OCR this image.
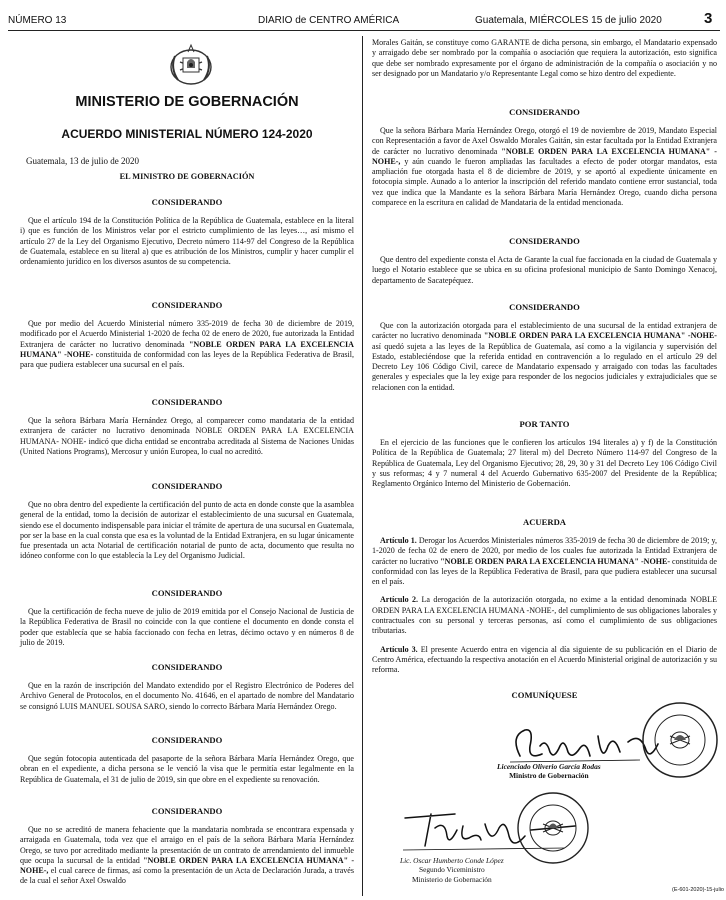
NÚMERO 13	DIARIO de CENTRO AMÉRICA	Guatemala, MIÉRCOLES 15 de julio 2020	3
MINISTERIO DE GOBERNACIÓN
ACUERDO MINISTERIAL NÚMERO 124-2020
Guatemala, 13 de julio de 2020
EL MINISTRO DE GOBERNACIÓN
CONSIDERANDO

Que el artículo 194 de la Constitución Política de la República de Guatemala, establece en la literal i) que es función de los Ministros velar por el estricto cumplimiento de las leyes…, así mismo el artículo 27 de la Ley del Organismo Ejecutivo, Decreto número 114-97 del Congreso de la República de Guatemala, establece en su literal a) que es atribución de los Ministros, cumplir y hacer cumplir el ordenamiento jurídico en los diversos asuntos de su competencia.

CONSIDERANDO

Que por medio del Acuerdo Ministerial número 335-2019 de fecha 30 de diciembre de 2019, modificado por el Acuerdo Ministerial 1-2020 de fecha 02 de enero de 2020, fue autorizada la Entidad Extranjera de carácter no lucrativo denominada "NOBLE ORDEN PARA LA EXCELENCIA HUMANA" -NOHE- constituida de conformidad con las leyes de la República Federativa de Brasil, para que pudiera establecer una sucursal en el país.

CONSIDERANDO

Que la señora Bárbara María Hernández Orego, al comparecer como mandataria de la entidad extranjera de carácter no lucrativo denominada NOBLE ORDEN PARA LA EXCELENCIA HUMANA- NOHE- indicó que dicha entidad se encontraba acreditada al Sistema de Naciones Unidas (United Nations Programs), Mercosur y unión Europea, lo cual no acreditó.

CONSIDERANDO

Que no obra dentro del expediente la certificación del punto de acta en donde conste que la asamblea general de la entidad, tomo la decisión de autorizar el establecimiento de una sucursal en Guatemala, siendo ese el documento indispensable para iniciar el trámite de apertura de una sucursal en Guatemala, por ser la base en la cual consta que esa es la voluntad de la Entidad Extranjera, en su lugar únicamente fue presentada un acta Notarial de certificación notarial de punto de acta, documento que resulta no idóneo conforme con lo que establecía la Ley del Organismo Judicial.

CONSIDERANDO

Que la certificación de fecha nueve de julio de 2019 emitida por el Consejo Nacional de Justicia de la República Federativa de Brasil no coincide con la que contiene el documento en donde consta el poder que establecía que se había faccionado con fecha en letras, décimo octavo y en números 8 de julio de 2019.

CONSIDERANDO

Que en la razón de inscripción del Mandato extendido por el Registro Electrónico de Poderes del Archivo General de Protocolos, en el documento No. 41646, en el apartado de nombre del Mandatario se consignó LUIS MANUEL SOUSA SARO, siendo lo correcto Bárbara María Hernández Orego.

CONSIDERANDO

Que según fotocopia autenticada del pasaporte de la señora Bárbara María Hernández Orego, que obran en el expediente, a dicha persona se le venció la visa que le permitía estar legalmente en la República de Guatemala, el 31 de julio de 2019, sin que obre en el expediente su renovación.

CONSIDERANDO

Que no se acreditó de manera fehaciente que la mandataria nombrada se encontrara expensada y arraigada en Guatemala, toda vez que el arraigo en el país de la señora Bárbara María Hernández Orego, se tuvo por acreditado mediante la presentación de un contrato de arrendamiento del inmueble que ocupa la sucursal de la entidad "NOBLE ORDEN PARA LA EXCELENCIA HUMANA" -NOHE-, el cual carece de firmas, así como la presentación de un Acta de Declaración Jurada, a través de la cual el señor Axel Oswaldo

Morales Gaitán, se constituye como GARANTE de dicha persona, sin embargo, el Mandatario expensado y arraigado debe ser nombrado por la compañía o asociación que requiera la autorización, esto significa que debe ser nombrado expresamente por el órgano de administración de la compañía o asociación y no ser designado por un Mandatario y/o Representante Legal como se hizo dentro del expediente.

CONSIDERANDO

Que la señora Bárbara María Hernández Orego, otorgó el 19 de noviembre de 2019, Mandato Especial con Representación a favor de Axel Oswaldo Morales Gaitán, sin estar facultada por la Entidad Extranjera de carácter no lucrativo denominada "NOBLE ORDEN PARA LA EXCELENCIA HUMANA" -NOHE-, y aún cuando le fueron ampliadas las facultades a efecto de poder otorgar mandatos, esta ampliación fue otorgada hasta el 8 de diciembre de 2019, y se aportó al expediente únicamente en fotocopia simple. Aunado a lo anterior la inscripción del referido mandato contiene error sustancial, toda vez que indica que la Mandante es la señora Bárbara María Hernández Orego, cuando dicha persona comparece en la escritura en calidad de Mandataria de la entidad mencionada.

CONSIDERANDO

Que dentro del expediente consta el Acta de Garante la cual fue faccionada en la ciudad de Guatemala y luego el Notario establece que se ubica en su oficina profesional municipio de Santo Domingo Xenacoj, departamento de Sacatepéquez.

CONSIDERANDO

Que con la autorización otorgada para el establecimiento de una sucursal de la entidad extranjera de carácter no lucrativo denominada "NOBLE ORDEN PARA LA EXCELENCIA HUMANA" -NOHE- así quedó sujeta a las leyes de la República de Guatemala, así como a la vigilancia y supervisión del Estado, estableciéndose que la referida entidad en contravención a lo regulado en el artículo 29 del Decreto Ley 106 Código Civil, carece de Mandatario expensado y arraigado con todas las facultades generales y especiales que la ley exige para responder de los negocios judiciales y extrajudiciales que se relacionen con la entidad.

POR TANTO

En el ejercicio de las funciones que le confieren los artículos 194 literales a) y f) de la Constitución Política de la República de Guatemala; 27 literal m) del Decreto Número 114-97 del Congreso de la República de Guatemala, Ley del Organismo Ejecutivo; 28, 29, 30 y 31 del Decreto Ley 106 Código Civil y sus reformas; 4 y 7 numeral 4 del Acuerdo Gubernativo 635-2007 del Presidente de la República; Reglamento Orgánico Interno del Ministerio de Gobernación.

ACUERDA

Artículo 1. Derogar los Acuerdos Ministeriales números 335-2019 de fecha 30 de diciembre de 2019; y, 1-2020 de fecha 02 de enero de 2020, por medio de los cuales fue autorizada la Entidad Extranjera de carácter no lucrativo "NOBLE ORDEN PARA LA EXCELENCIA HUMANA" -NOHE- constituida de conformidad con las leyes de la República Federativa de Brasil, para que pudiera establecer una sucursal en el país.

Artículo 2. La derogación de la autorización otorgada, no exime a la entidad denominada NOBLE ORDEN PARA LA EXCELENCIA HUMANA -NOHE-, del cumplimiento de sus obligaciones laborales y contractuales con su personal y terceras personas, así como el cumplimiento de sus obligaciones tributarias.

Artículo 3. El presente Acuerdo entra en vigencia al día siguiente de su publicación en el Diario de Centro América, efectuando la respectiva anotación en el Acuerdo Ministerial original de autorización y su reforma.

COMUNÍQUESE
Licenciado Oliverio García Rodas
Ministro de Gobernación
Lic. Oscar Humberto Conde López
Segundo Viceministro
Ministerio de Gobernación
(E-601-2020)-15-julio
